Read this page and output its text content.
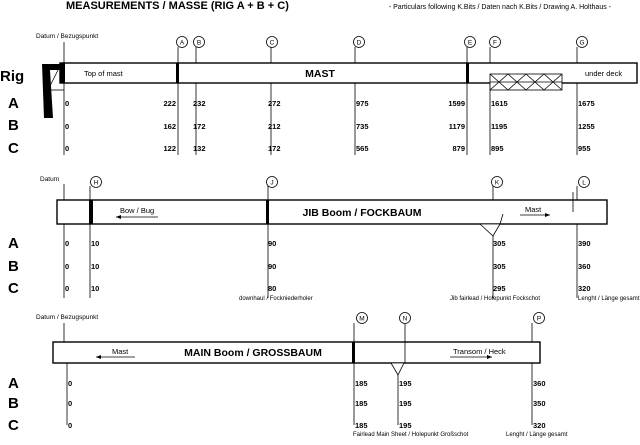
MEASUREMENTS / MASSE (RIG A + B + C)	- Particulars following K.Bits / Daten nach K.Bits / Drawing A. Holthaus -
Datum / Bezugspunkt
Rig
A B	C	D	E	F	G
Top of mast	MAST	under deck
A
B
C
0	222 232	272	975	1599	1615	1675
0	162 172	212	735	1179	1195	1255
0	122 132	172	565	879	895	955
Datum	H	J	K	L
Bow / Bug	JIB Boom / FOCKBAUM	Mast
A
B
C
0	10	90	305	390
0	10	90	305	360
0	10	80	295	320
downhaul / Fockniederholer	Jib fairlead / Holepunkt Fockschot	Lenght / Länge gesamt
Datum / Bezugspunkt	M	N	P
Mast	MAIN Boom / GROSSBAUM	Transom / Heck
A
B
C
0	185	195	360
0	185	195	350
0	185	195	320
Fairlead Main Sheet / Holepunkt Großschot	Lenght / Länge gesamt
